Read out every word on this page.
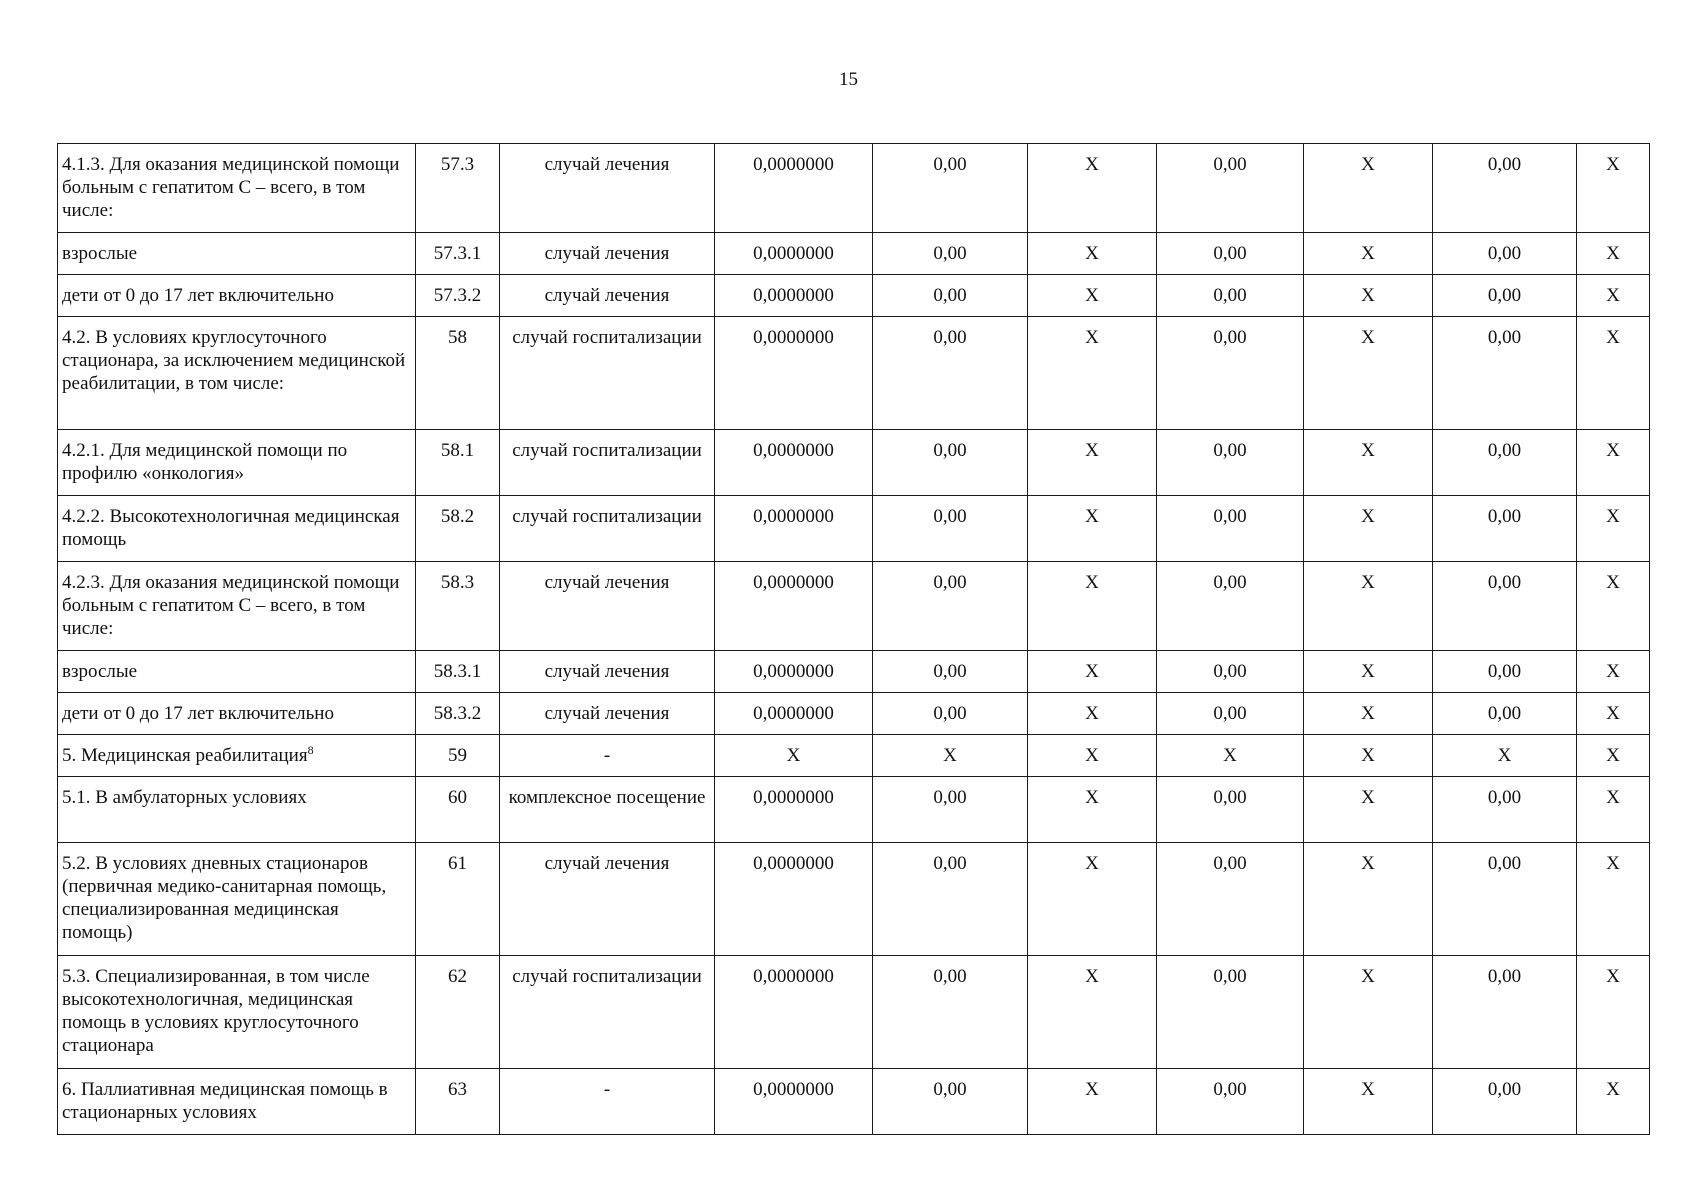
15
4.1.3. Для оказания медицинской помощи больным с гепатитом С – всего, в том числе:	57.3	случай лечения	0,0000000	0,00	X	0,00	X	0,00	X
взрослые	57.3.1	случай лечения	0,0000000	0,00	X	0,00	X	0,00	X
дети от 0 до 17 лет включительно	57.3.2	случай лечения	0,0000000	0,00	X	0,00	X	0,00	X
4.2. В условиях круглосуточного стационара, за исключением медицинской реабилитации, в том числе:	58	случай госпитализации	0,0000000	0,00	X	0,00	X	0,00	X
4.2.1. Для медицинской помощи по профилю «онкология»	58.1	случай госпитализации	0,0000000	0,00	X	0,00	X	0,00	X
4.2.2. Высокотехнологичная медицинская помощь	58.2	случай госпитализации	0,0000000	0,00	X	0,00	X	0,00	X
4.2.3. Для оказания медицинской помощи больным с гепатитом С – всего, в том числе:	58.3	случай лечения	0,0000000	0,00	X	0,00	X	0,00	X
взрослые	58.3.1	случай лечения	0,0000000	0,00	X	0,00	X	0,00	X
дети от 0 до 17 лет включительно	58.3.2	случай лечения	0,0000000	0,00	X	0,00	X	0,00	X
5. Медицинская реабилитация$^8$	59	-	X	X	X	X	X	X	X
5.1. В амбулаторных условиях	60	комплексное посещение	0,0000000	0,00	X	0,00	X	0,00	X
5.2. В условиях дневных стационаров (первичная медико-санитарная помощь, специализированная медицинская помощь)	61	случай лечения	0,0000000	0,00	X	0,00	X	0,00	X
5.3. Специализированная, в том числе высокотехнологичная, медицинская помощь в условиях круглосуточного стационара	62	случай госпитализации	0,0000000	0,00	X	0,00	X	0,00	X
6. Паллиативная медицинская помощь в стационарных условиях	63	-	0,0000000	0,00	X	0,00	X	0,00	X
